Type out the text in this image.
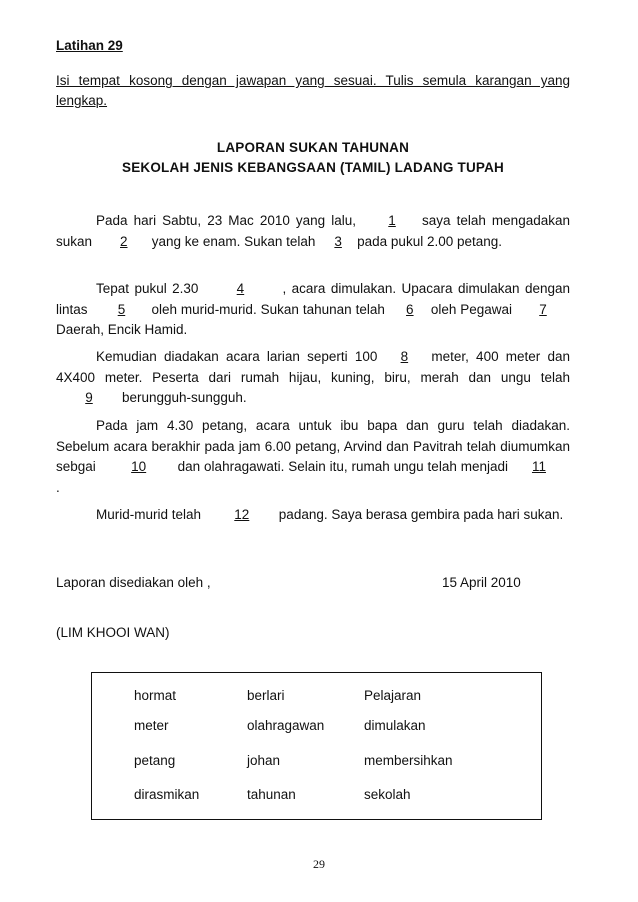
Latihan 29
Isi tempat kosong dengan jawapan yang sesuai. Tulis semula karangan yang lengkap.
LAPORAN SUKAN TAHUNAN
SEKOLAH JENIS KEBANGSAAN (TAMIL) LADANG TUPAH

Pada hari Sabtu, 23 Mac 2010 yang lalu, 1 saya telah mengadakan sukan 2 yang ke enam. Sukan telah 3 pada pukul 2.00 petang.

Tepat pukul 2.30	4	, acara dimulakan. Upacara dimulakan dengan lintas 5 oleh murid-murid. Sukan tahunan telah 6 oleh Pegawai 7Daerah, Encik Hamid.

Kemudian diadakan acara larian seperti 100 8 meter, 400 meter dan 4X400 meter. Peserta dari rumah hijau, kuning, biru, merah dan ungu telah 9 berungguh-sungguh.

Pada jam 4.30 petang, acara untuk ibu bapa dan guru telah diadakan. Sebelum acara berakhir pada jam 6.00 petang, Arvind dan Pavitrah telah diumumkan sebgai 10 dan olahragawati. Selain itu, rumah ungu telah menjadi 11.

Murid-murid telah 12 padang. Saya berasa gembira pada hari sukan.

Laporan disediakan oleh ,	15 April 2010
(LIM KHOOI WAN)
hormat	berlari	Pelajaran
meter	olahragawan	dimulakan
petang	johan	membersihkan
dirasmikan	tahunan	sekolah
29
